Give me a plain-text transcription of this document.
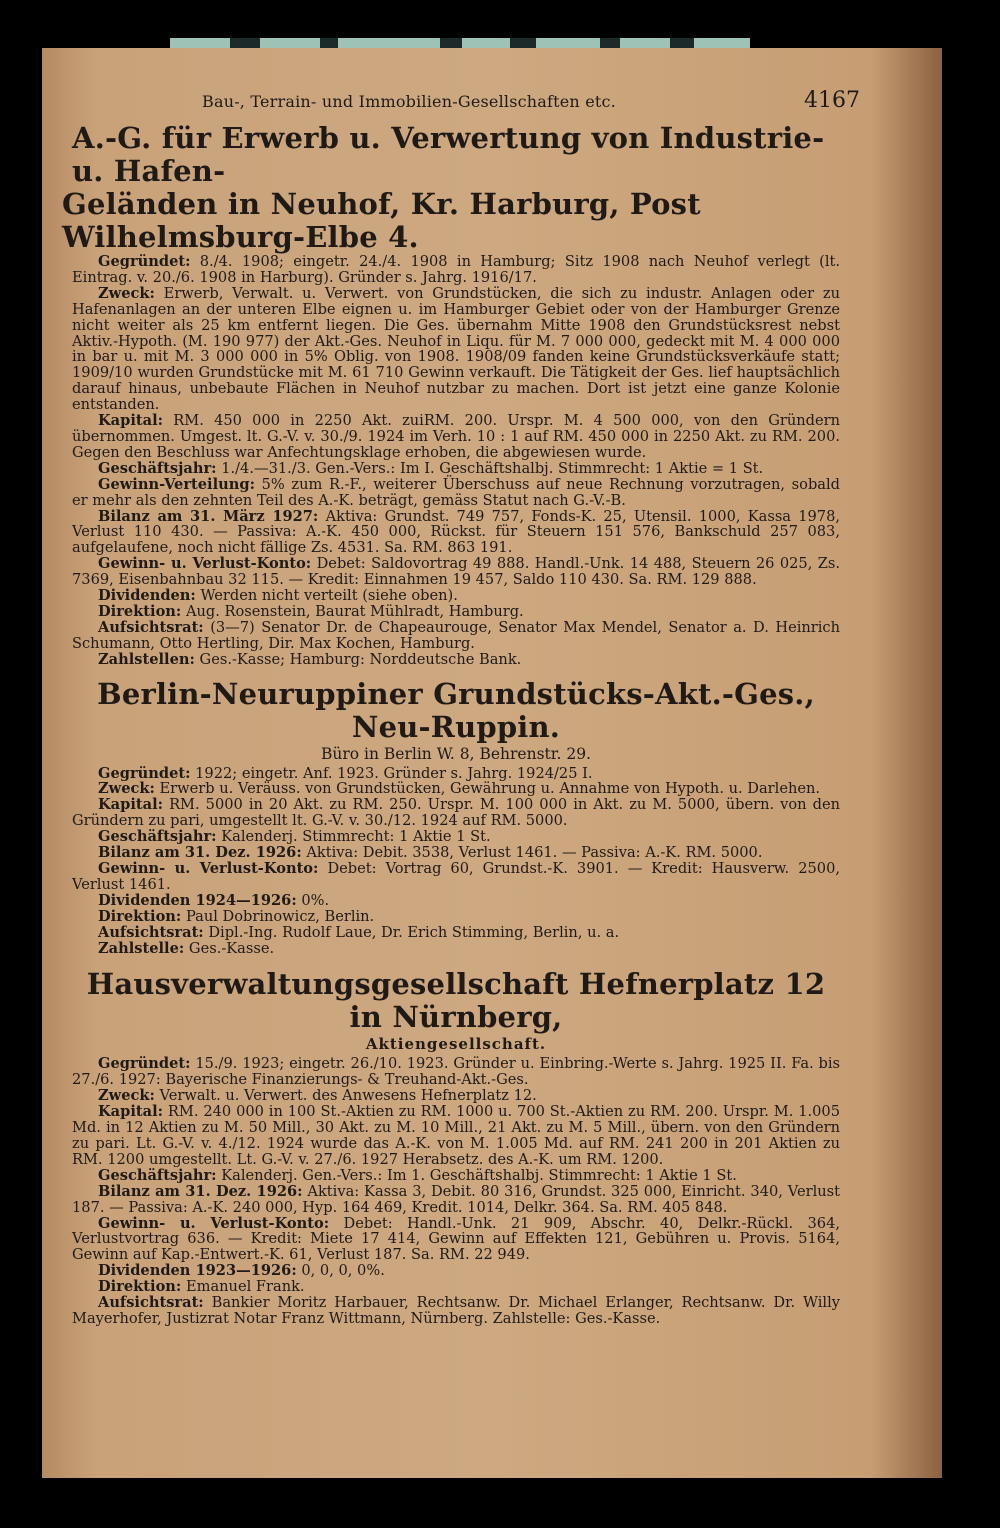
Bau-, Terrain- und Immobilien-Gesellschaften etc.	4167
A.-G. für Erwerb u. Verwertung von Industrie- u. Hafen-
Geländen in Neuhof, Kr. Harburg, Post Wilhelmsburg-Elbe 4.

Gegründet: 8./4. 1908; eingetr. 24./4. 1908 in Hamburg; Sitz 1908 nach Neuhof verlegt (lt. Eintrag. v. 20./6. 1908 in Harburg). Gründer s. Jahrg. 1916/17.

Zweck: Erwerb, Verwalt. u. Verwert. von Grundstücken, die sich zu industr. Anlagen oder zu Hafenanlagen an der unteren Elbe eignen u. im Hamburger Gebiet oder von der Hamburger Grenze nicht weiter als 25 km entfernt liegen. Die Ges. übernahm Mitte 1908 den Grundstücksrest nebst Aktiv.-Hypoth. (M. 190 977) der Akt.-Ges. Neuhof in Liqu. für M. 7 000 000, gedeckt mit M. 4 000 000 in bar u. mit M. 3 000 000 in 5% Oblig. von 1908. 1908/09 fanden keine Grundstücksverkäufe statt; 1909/10 wurden Grundstücke mit M. 61 710 Gewinn verkauft. Die Tätigkeit der Ges. lief hauptsächlich darauf hinaus, unbebaute Flächen in Neuhof nutzbar zu machen. Dort ist jetzt eine ganze Kolonie entstanden.

Kapital: RM. 450 000 in 2250 Akt. zuiRM. 200. Urspr. M. 4 500 000, von den Gründern übernommen. Umgest. lt. G.-V. v. 30./9. 1924 im Verh. 10 : 1 auf RM. 450 000 in 2250 Akt. zu RM. 200. Gegen den Beschluss war Anfechtungsklage erhoben, die abgewiesen wurde.

Geschäftsjahr: 1./4.—31./3. Gen.-Vers.: Im I. Geschäftshalbj. Stimmrecht: 1 Aktie = 1 St.

Gewinn-Verteilung: 5% zum R.-F., weiterer Überschuss auf neue Rechnung vorzutragen, sobald er mehr als den zehnten Teil des A.-K. beträgt, gemäss Statut nach G.-V.-B.

Bilanz am 31. März 1927: Aktiva: Grundst. 749 757, Fonds-K. 25, Utensil. 1000, Kassa 1978, Verlust 110 430. — Passiva: A.-K. 450 000, Rückst. für Steuern 151 576, Bankschuld 257 083, aufgelaufene, noch nicht fällige Zs. 4531. Sa. RM. 863 191.

Gewinn- u. Verlust-Konto: Debet: Saldovortrag 49 888. Handl.-Unk. 14 488, Steuern 26 025, Zs. 7369, Eisenbahnbau 32 115. — Kredit: Einnahmen 19 457, Saldo 110 430. Sa. RM. 129 888.

Dividenden: Werden nicht verteilt (siehe oben).

Direktion: Aug. Rosenstein, Baurat Mühlradt, Hamburg.

Aufsichtsrat: (3—7) Senator Dr. de Chapeaurouge, Senator Max Mendel, Senator a. D. Heinrich Schumann, Otto Hertling, Dir. Max Kochen, Hamburg.

Zahlstellen: Ges.-Kasse; Hamburg: Norddeutsche Bank.

Berlin-Neuruppiner Grundstücks-Akt.-Ges., Neu-Ruppin.
Büro in Berlin W. 8, Behrenstr. 29.

Gegründet: 1922; eingetr. Anf. 1923. Gründer s. Jahrg. 1924/25 I.

Zweck: Erwerb u. Veräuss. von Grundstücken, Gewährung u. Annahme von Hypoth. u. Darlehen.

Kapital: RM. 5000 in 20 Akt. zu RM. 250. Urspr. M. 100 000 in Akt. zu M. 5000, übern. von den Gründern zu pari, umgestellt lt. G.-V. v. 30./12. 1924 auf RM. 5000.

Geschäftsjahr: Kalenderj. Stimmrecht: 1 Aktie 1 St.

Bilanz am 31. Dez. 1926: Aktiva: Debit. 3538, Verlust 1461. — Passiva: A.-K. RM. 5000.

Gewinn- u. Verlust-Konto: Debet: Vortrag 60, Grundst.-K. 3901. — Kredit: Hausverw. 2500, Verlust 1461.

Dividenden 1924—1926: 0%.

Direktion: Paul Dobrinowicz, Berlin.

Aufsichtsrat: Dipl.-Ing. Rudolf Laue, Dr. Erich Stimming, Berlin, u. a.

Zahlstelle: Ges.-Kasse.

Hausverwaltungsgesellschaft Hefnerplatz 12 in Nürnberg,
Aktiengesellschaft.

Gegründet: 15./9. 1923; eingetr. 26./10. 1923. Gründer u. Einbring.-Werte s. Jahrg. 1925 II. Fa. bis 27./6. 1927: Bayerische Finanzierungs- & Treuhand-Akt.-Ges.

Zweck: Verwalt. u. Verwert. des Anwesens Hefnerplatz 12.

Kapital: RM. 240 000 in 100 St.-Aktien zu RM. 1000 u. 700 St.-Aktien zu RM. 200. Urspr. M. 1.005 Md. in 12 Aktien zu M. 50 Mill., 30 Akt. zu M. 10 Mill., 21 Akt. zu M. 5 Mill., übern. von den Gründern zu pari. Lt. G.-V. v. 4./12. 1924 wurde das A.-K. von M. 1.005 Md. auf RM. 241 200 in 201 Aktien zu RM. 1200 umgestellt. Lt. G.-V. v. 27./6. 1927 Herabsetz. des A.-K. um RM. 1200.

Geschäftsjahr: Kalenderj. Gen.-Vers.: Im 1. Geschäftshalbj. Stimmrecht: 1 Aktie 1 St.

Bilanz am 31. Dez. 1926: Aktiva: Kassa 3, Debit. 80 316, Grundst. 325 000, Einricht. 340, Verlust 187. — Passiva: A.-K. 240 000, Hyp. 164 469, Kredit. 1014, Delkr. 364. Sa. RM. 405 848.

Gewinn- u. Verlust-Konto: Debet: Handl.-Unk. 21 909, Abschr. 40, Delkr.-Rückl. 364, Verlustvortrag 636. — Kredit: Miete 17 414, Gewinn auf Effekten 121, Gebühren u. Provis. 5164, Gewinn auf Kap.-Entwert.-K. 61, Verlust 187. Sa. RM. 22 949.

Dividenden 1923—1926: 0, 0, 0, 0%.

Direktion: Emanuel Frank.

Aufsichtsrat: Bankier Moritz Harbauer, Rechtsanw. Dr. Michael Erlanger, Rechtsanw. Dr. Willy Mayerhofer, Justizrat Notar Franz Wittmann, Nürnberg. Zahlstelle: Ges.-Kasse.
